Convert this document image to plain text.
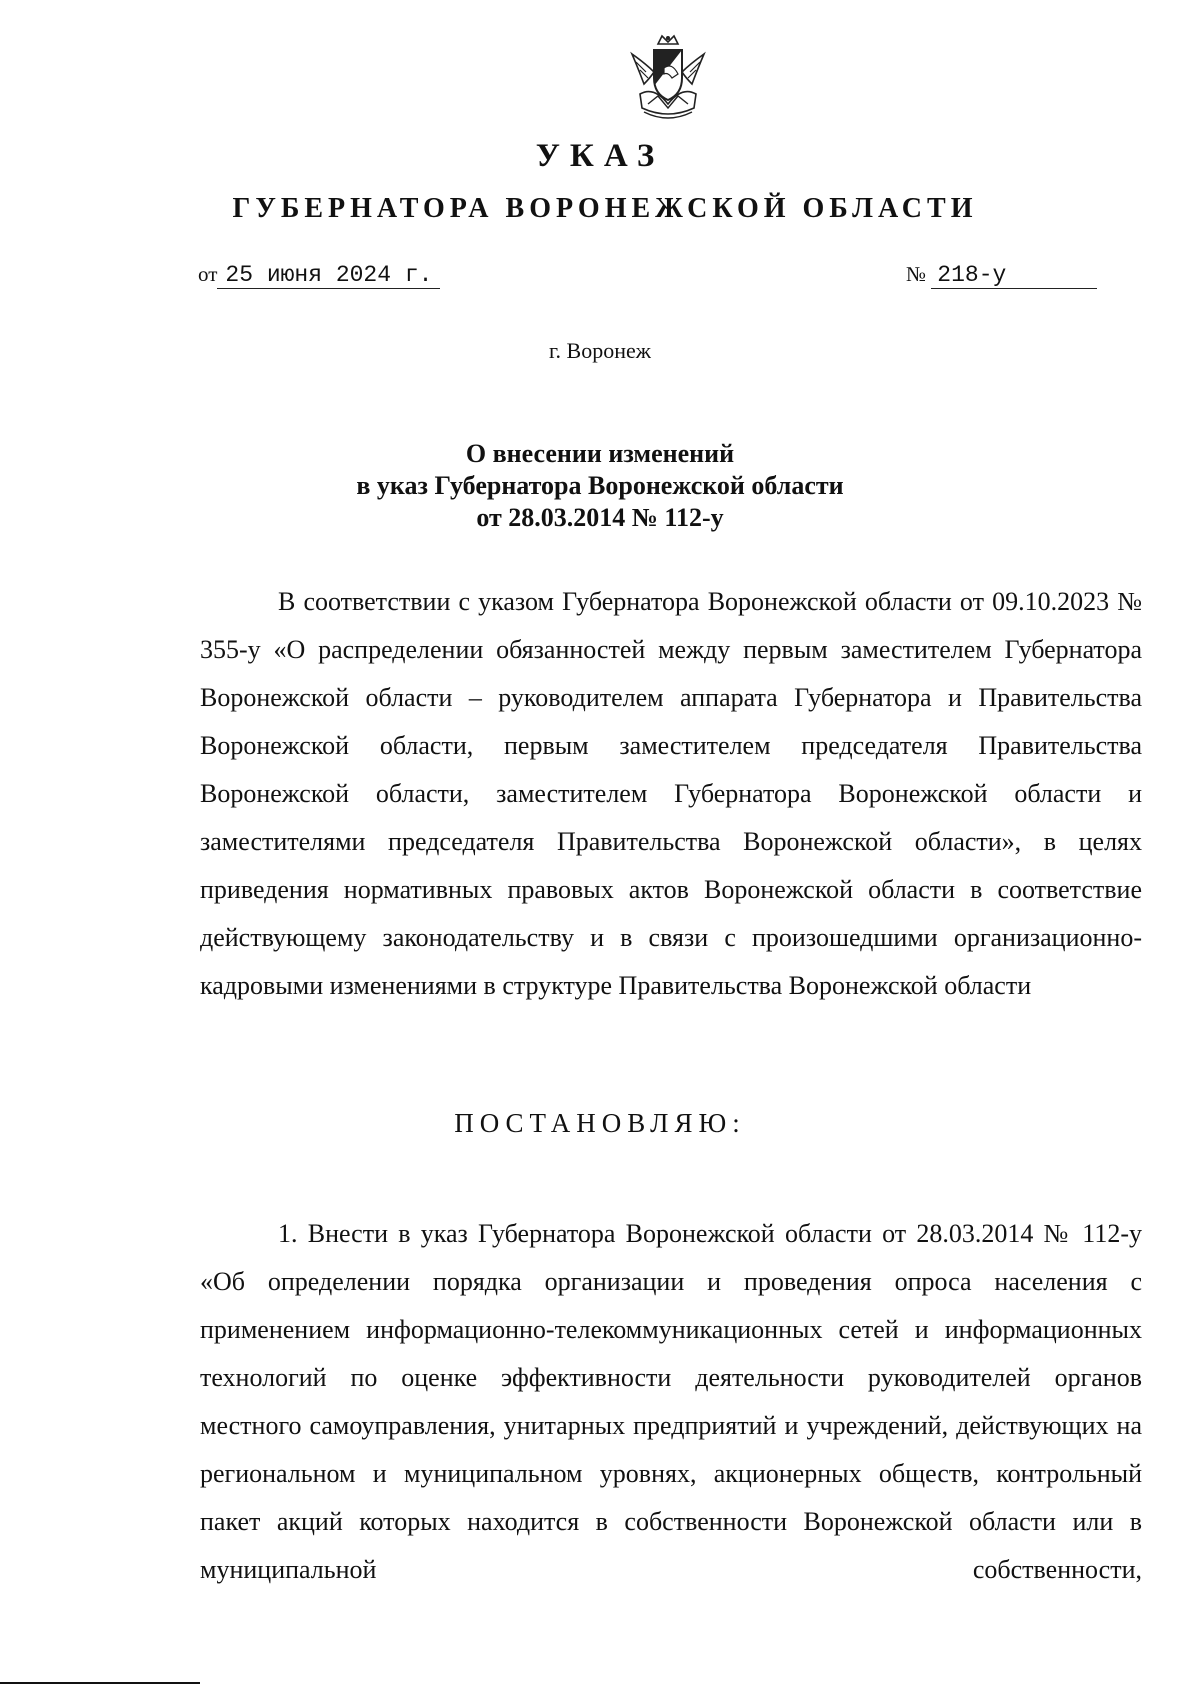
УКАЗ
ГУБЕРНАТОРА ВОРОНЕЖСКОЙ ОБЛАСТИ
от 25 июня 2024 г.	№ 218-у
г. Воронеж
О внесении изменений
в указ Губернатора Воронежской области
от 28.03.2014 № 112-у
В соответствии с указом Губернатора Воронежской области от 09.10.2023 № 355-у «О распределении обязанностей между первым заместителем Губернатора Воронежской области – руководителем аппарата Губернатора и Правительства Воронежской области, первым заместителем председателя Правительства Воронежской области, заместителем Губернатора Воронежской области и заместителями председателя Правительства Воронежской области», в целях приведения нормативных правовых актов Воронежской области в соответствие действующему законодательству и в связи с произошедшими организационно-кадровыми изменениями в структуре Правительства Воронежской области
ПОСТАНОВЛЯЮ:
1. Внести в указ Губернатора Воронежской области от 28.03.2014 № 112-у «Об определении порядка организации и проведения опроса населения с применением информационно-телекоммуникационных сетей и информационных технологий по оценке эффективности деятельности руководителей органов местного самоуправления, унитарных предприятий и учреждений, действующих на региональном и муниципальном уровнях, акционерных обществ, контрольный пакет акций которых находится в собственности Воронежской области или в муниципальной собственности,
